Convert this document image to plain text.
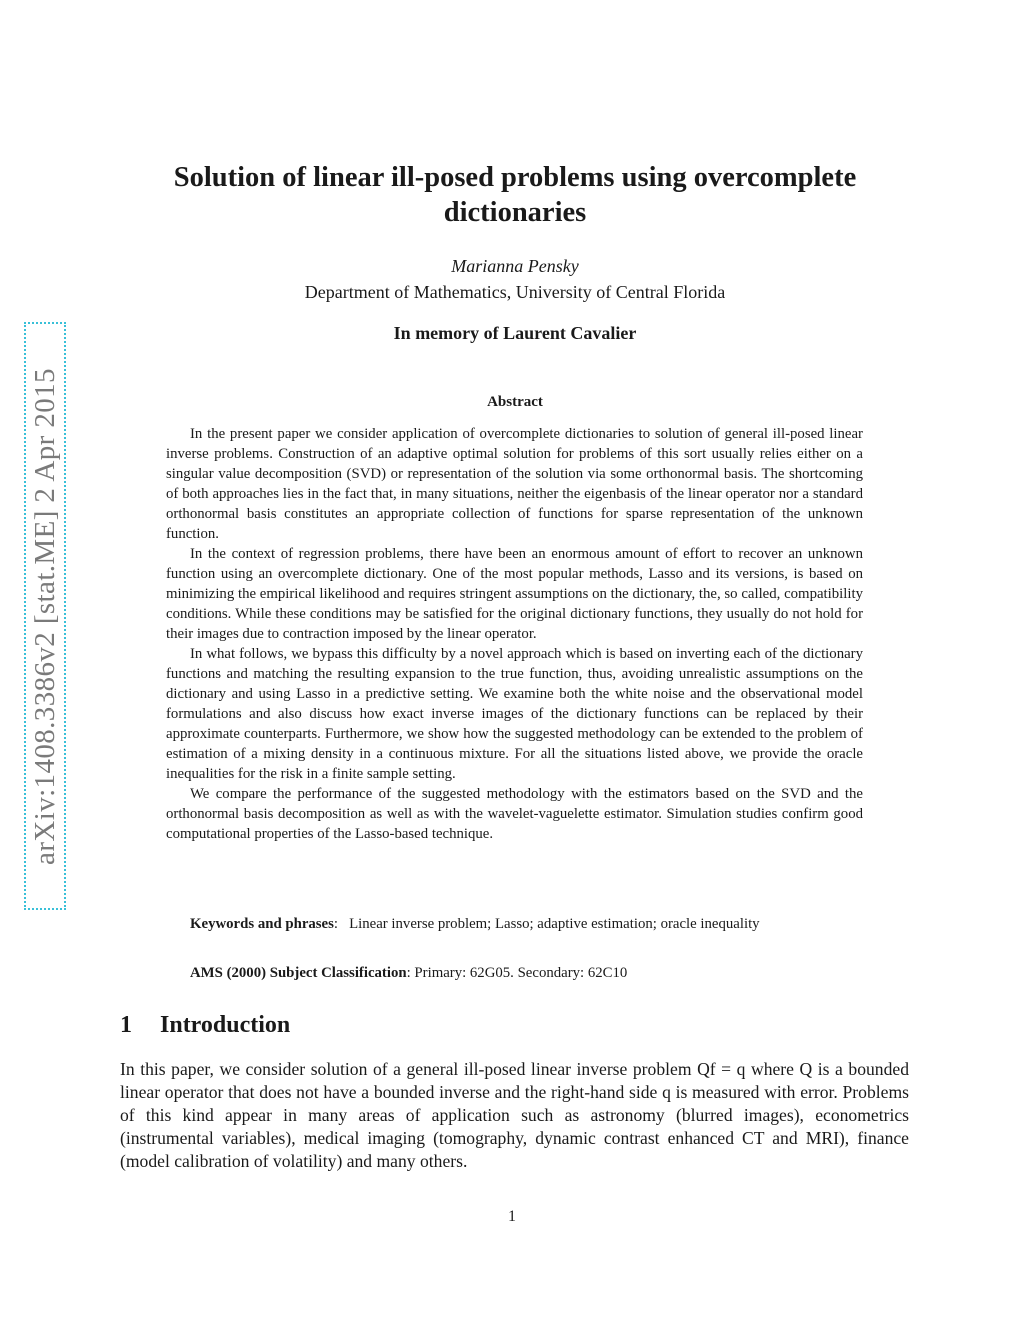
arXiv:1408.3386v2 [stat.ME] 2 Apr 2015
Solution of linear ill-posed problems using overcomplete dictionaries
Marianna Pensky
Department of Mathematics, University of Central Florida
In memory of Laurent Cavalier
Abstract

In the present paper we consider application of overcomplete dictionaries to solution of general ill-posed linear inverse problems. Construction of an adaptive optimal solution for problems of this sort usually relies either on a singular value decomposition (SVD) or representation of the solution via some orthonormal basis. The shortcoming of both approaches lies in the fact that, in many situations, neither the eigenbasis of the linear operator nor a standard orthonormal basis constitutes an appropriate collection of functions for sparse representation of the unknown function.

In the context of regression problems, there have been an enormous amount of effort to recover an unknown function using an overcomplete dictionary. One of the most popular methods, Lasso and its versions, is based on minimizing the empirical likelihood and requires stringent assumptions on the dictionary, the, so called, compatibility conditions. While these conditions may be satisfied for the original dictionary functions, they usually do not hold for their images due to contraction imposed by the linear operator.

In what follows, we bypass this difficulty by a novel approach which is based on inverting each of the dictionary functions and matching the resulting expansion to the true function, thus, avoiding unrealistic assumptions on the dictionary and using Lasso in a predictive setting. We examine both the white noise and the observational model formulations and also discuss how exact inverse images of the dictionary functions can be replaced by their approximate counterparts. Furthermore, we show how the suggested methodology can be extended to the problem of estimation of a mixing density in a continuous mixture. For all the situations listed above, we provide the oracle inequalities for the risk in a finite sample setting.

We compare the performance of the suggested methodology with the estimators based on the SVD and the orthonormal basis decomposition as well as with the wavelet-vaguelette estimator. Simulation studies confirm good computational properties of the Lasso-based technique.

Keywords and phrases:   Linear inverse problem; Lasso; adaptive estimation; oracle inequality

AMS (2000) Subject Classification: Primary: 62G05. Secondary: 62C10

1 Introduction

In this paper, we consider solution of a general ill-posed linear inverse problem Qf = q where Q is a bounded linear operator that does not have a bounded inverse and the right-hand side q is measured with error. Problems of this kind appear in many areas of application such as astronomy (blurred images), econometrics (instrumental variables), medical imaging (tomography, dynamic contrast enhanced CT and MRI), finance (model calibration of volatility) and many others.

1
